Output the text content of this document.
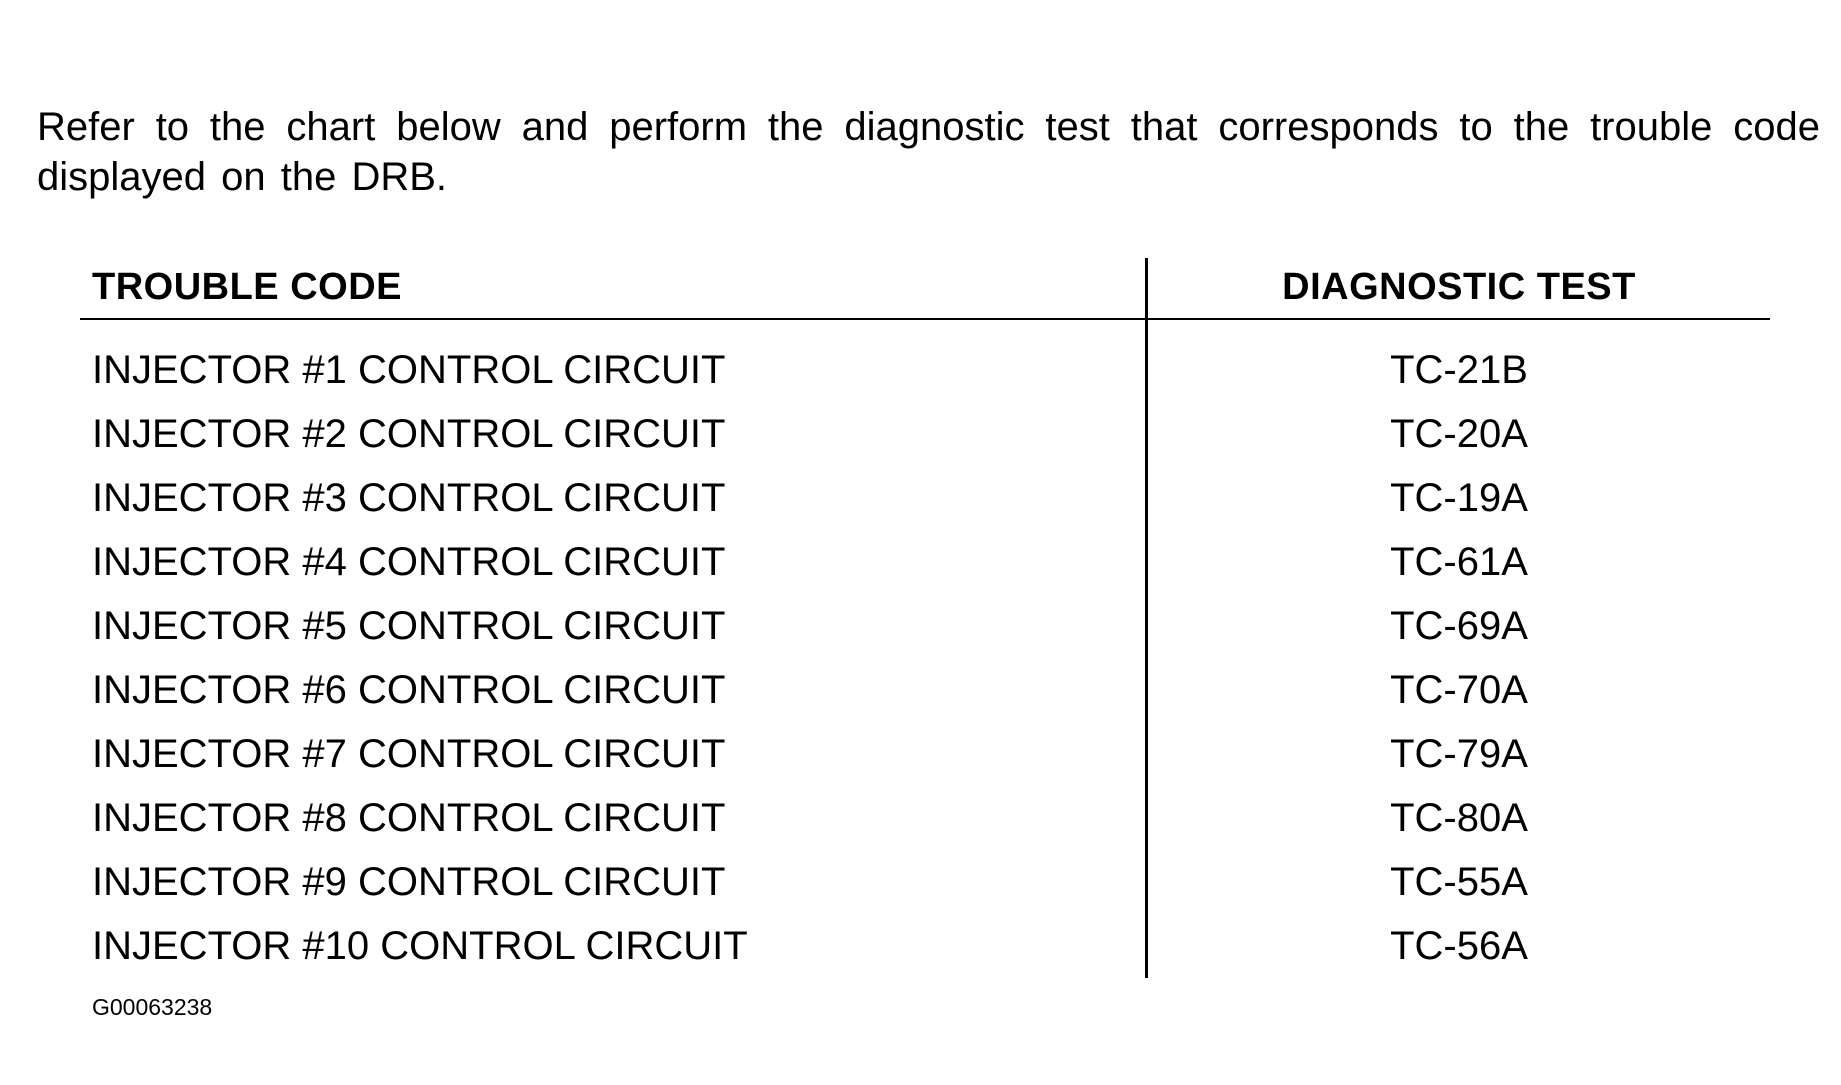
Refer to the chart below and perform the diagnostic test that corresponds to the trouble code displayed on the DRB.

TROUBLE CODE	DIAGNOSTIC TEST
INJECTOR #1 CONTROL CIRCUIT	TC-21B
INJECTOR #2 CONTROL CIRCUIT	TC-20A
INJECTOR #3 CONTROL CIRCUIT	TC-19A
INJECTOR #4 CONTROL CIRCUIT	TC-61A
INJECTOR #5 CONTROL CIRCUIT	TC-69A
INJECTOR #6 CONTROL CIRCUIT	TC-70A
INJECTOR #7 CONTROL CIRCUIT	TC-79A
INJECTOR #8 CONTROL CIRCUIT	TC-80A
INJECTOR #9 CONTROL CIRCUIT	TC-55A
INJECTOR #10 CONTROL CIRCUIT	TC-56A
G00063238
